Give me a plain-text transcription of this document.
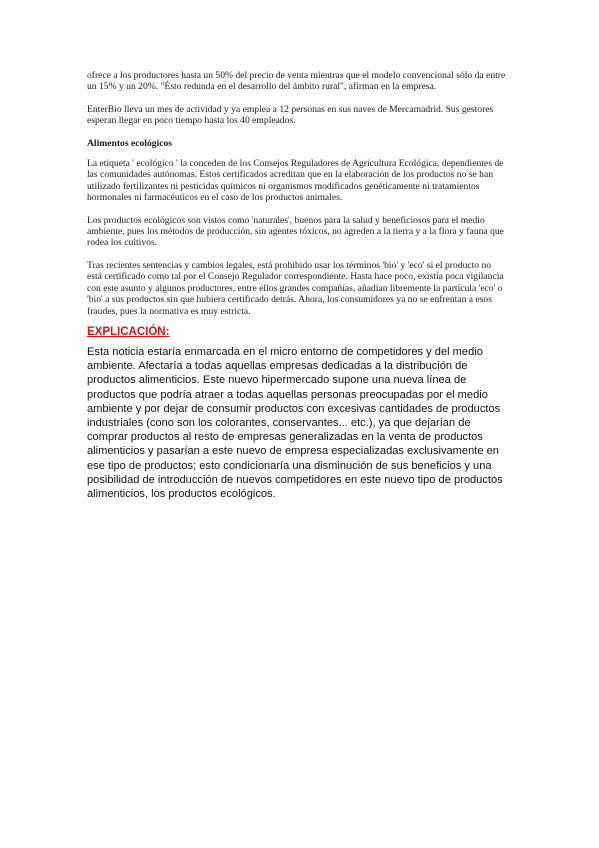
ofrece a los productores hasta un 50% del precio de venta mientras que el modelo convencional sólo da entre un 15% y un 20%. "Ésto redunda en el desarrollo del ámbito rural", afirman en la empresa.

EnterBio lleva un mes de actividad y ya emplea a 12 personas en sus naves de Mercamadrid. Sus gestores esperan llegar en poco tiempo hasta los 40 empleados.

Alimentos ecológicos

La etiqueta ' ecológico ' la conceden de los Consejos Reguladores de Agricultura Ecológica, dependientes de las comunidades autónomas. Estos certificados acreditan que en la elaboración de los productos no se han utilizado fertilizantes ni pesticidas químicos ni organismos modificados genéticamente ni tratamientos hormonales ni farmacéuticos en el caso de los productos animales.

Los productos ecológicos son vistos como 'naturales', buenos para la salud y beneficiosos para el medio ambiente, pues los métodos de producción, sin agentes tóxicos, no agreden a la tierra y a la flora y fauna que rodea los cultivos.

Tras recientes sentencias y cambios legales, está prohibido usar los términos 'bio' y 'eco' si el producto no está certificado como tal por el Consejo Regulador correspondiente. Hasta hace poco, existía poca vigilancia con este asunto y algunos productores, entre ellos grandes compañías, añadían libremente la partícula 'eco' o 'bio' a sus productos sin que hubiera certificado detrás. Ahora, los consumidores ya no se enfrentan a esos fraudes, pues la normativa es muy estricta.

EXPLICACIÓN:

Esta noticia estaría enmarcada en el micro entorno de competidores y del medio ambiente. Afectaría a todas aquellas empresas dedicadas a la distribución de productos alimenticios. Este nuevo hipermercado supone una nueva línea de productos que podría atraer a todas aquellas personas preocupadas por el medio ambiente y por dejar de consumir productos con excesivas cantidades de productos industriales (cono son los colorantes, conservantes... etc.), ya que dejarían de comprar productos al resto de empresas generalizadas en la venta de productos alimenticios y pasarían a este nuevo de empresa especializadas exclusivamente en ese tipo de productos; esto condicionaría una disminución de sus beneficios y una posibilidad de introducción de nuevos competidores en este nuevo tipo de productos alimenticios, los productos ecológicos.
